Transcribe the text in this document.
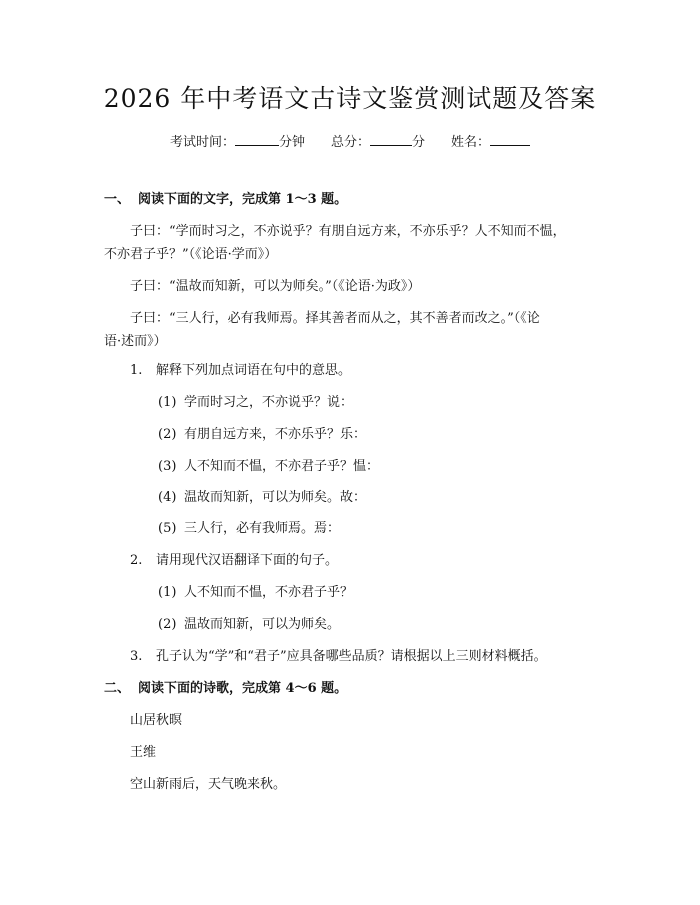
2026 年中考语文古诗文鉴赏测试题及答案
考试时间：	分钟 总分：	分 姓名：
一、 阅读下面的文字，完成第 1～3 题。
子曰：“学而时习之，不亦说乎？有朋自远方来，不亦乐乎？人不知而不愠，
不亦君子乎？”（《论语·学而》）
子曰：“温故而知新，可以为师矣。”（《论语·为政》）
子曰：“三人行，必有我师焉。择其善者而从之，其不善者而改之。”（《论
语·述而》）
1. 解释下列加点词语在句中的意思。
(1) 学而时习之，不亦说乎？说：
(2) 有朋自远方来，不亦乐乎？乐：
(3) 人不知而不愠，不亦君子乎？愠：
(4) 温故而知新，可以为师矣。故：
(5) 三人行，必有我师焉。焉：
2. 请用现代汉语翻译下面的句子。
(1) 人不知而不愠，不亦君子乎？
(2) 温故而知新，可以为师矣。
3. 孔子认为“学”和“君子”应具备哪些品质？请根据以上三则材料概括。
二、 阅读下面的诗歌，完成第 4～6 题。
山居秋暝
王维
空山新雨后，天气晚来秋。
